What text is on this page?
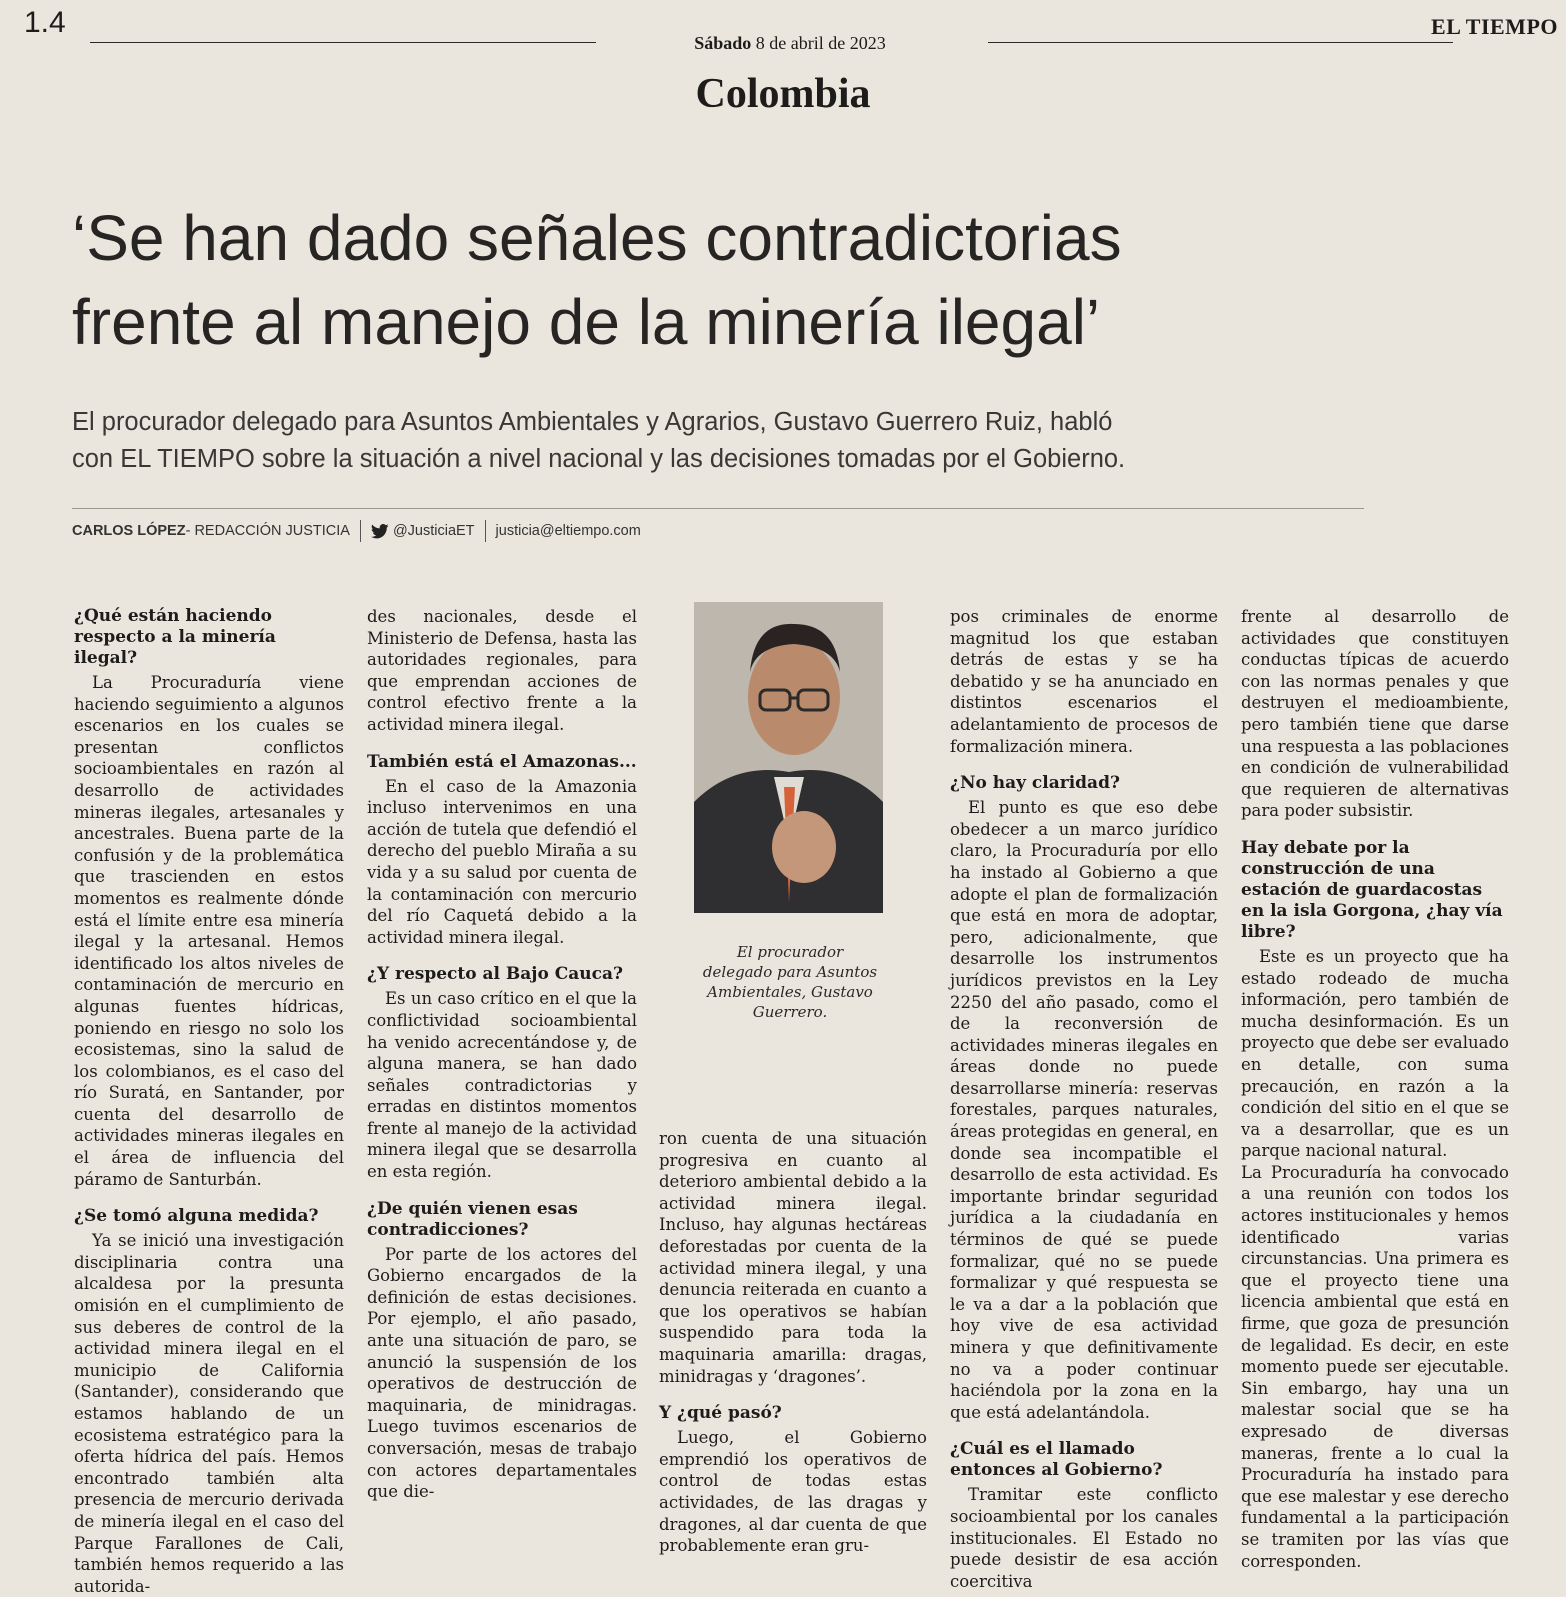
1.4
Sábado 8 de abril de 2023
EL TIEMPO
Colombia
‘Se han dado señales contradictorias
frente al manejo de la minería ilegal’
El procurador delegado para Asuntos Ambientales y Agrarios, Gustavo Guerrero Ruiz, habló
con EL TIEMPO sobre la situación a nivel nacional y las decisiones tomadas por el Gobierno.
CARLOS LÓPEZ - REDACCIÓN JUSTICIA	@JusticiaET justicia@eltiempo.com
¿Qué están haciendo respecto a la minería ilegal?

La Procuraduría viene haciendo seguimiento a algunos escenarios en los cuales se presentan conflictos socioambientales en razón al desarrollo de actividades mineras ilegales, artesanales y ancestrales. Buena parte de la confusión y de la problemática que trascienden en estos momentos es realmente dónde está el límite entre esa minería ilegal y la artesanal. Hemos identificado los altos niveles de contaminación de mercurio en algunas fuentes hídricas, poniendo en riesgo no solo los ecosistemas, sino la salud de los colombianos, es el caso del río Suratá, en Santander, por cuenta del desarrollo de actividades mineras ilegales en el área de influencia del páramo de Santurbán.

¿Se tomó alguna medida?

Ya se inició una investigación disciplinaria contra una alcaldesa por la presunta omisión en el cumplimiento de sus deberes de control de la actividad minera ilegal en el municipio de California (Santander), considerando que estamos hablando de un ecosistema estratégico para la oferta hídrica del país. Hemos encontrado también alta presencia de mercurio derivada de minería ilegal en el caso del Parque Farallones de Cali, también hemos requerido a las autorida-

des nacionales, desde el Ministerio de Defensa, hasta las autoridades regionales, para que emprendan acciones de control efectivo frente a la actividad minera ilegal.

También está el Amazonas...

En el caso de la Amazonia incluso intervenimos en una acción de tutela que defendió el derecho del pueblo Miraña a su vida y a su salud por cuenta de la contaminación con mercurio del río Caquetá debido a la actividad minera ilegal.

¿Y respecto al Bajo Cauca?

Es un caso crítico en el que la conflictividad socioambiental ha venido acrecentándose y, de alguna manera, se han dado señales contradictorias y erradas en distintos momentos frente al manejo de la actividad minera ilegal que se desarrolla en esta región.

¿De quién vienen esas contradicciones?

Por parte de los actores del Gobierno encargados de la definición de estas decisiones. Por ejemplo, el año pasado, ante una situación de paro, se anunció la suspensión de los operativos de destrucción de maquinaria, de minidragas. Luego tuvimos escenarios de conversación, mesas de trabajo con actores departamentales que die-

El procurador delegado para Asuntos Ambientales, Gustavo Guerrero.

ron cuenta de una situación progresiva en cuanto al deterioro ambiental debido a la actividad minera ilegal. Incluso, hay algunas hectáreas deforestadas por cuenta de la actividad minera ilegal, y una denuncia reiterada en cuanto a que los operativos se habían suspendido para toda la maquinaria amarilla: dragas, minidragas y ‘dragones’.

Y ¿qué pasó?

Luego, el Gobierno emprendió los operativos de control de todas estas actividades, de las dragas y dragones, al dar cuenta de que probablemente eran gru-

pos criminales de enorme magnitud los que estaban detrás de estas y se ha debatido y se ha anunciado en distintos escenarios el adelantamiento de procesos de formalización minera.

¿No hay claridad?

El punto es que eso debe obedecer a un marco jurídico claro, la Procuraduría por ello ha instado al Gobierno a que adopte el plan de formalización que está en mora de adoptar, pero, adicionalmente, que desarrolle los instrumentos jurídicos previstos en la Ley 2250 del año pasado, como el de la reconversión de actividades mineras ilegales en áreas donde no puede desarrollarse minería: reservas forestales, parques naturales, áreas protegidas en general, en donde sea incompatible el desarrollo de esta actividad. Es importante brindar seguridad jurídica a la ciudadanía en términos de qué se puede formalizar, qué no se puede formalizar y qué respuesta se le va a dar a la población que hoy vive de esa actividad minera y que definitivamente no va a poder continuar haciéndola por la zona en la que está adelantándola.

¿Cuál es el llamado entonces al Gobierno?

Tramitar este conflicto socioambiental por los canales institucionales. El Estado no puede desistir de esa acción coercitiva

frente al desarrollo de actividades que constituyen conductas típicas de acuerdo con las normas penales y que destruyen el medioambiente, pero también tiene que darse una respuesta a las poblaciones en condición de vulnerabilidad que requieren de alternativas para poder subsistir.

Hay debate por la construcción de una estación de guardacostas en la isla Gorgona, ¿hay vía libre?

Este es un proyecto que ha estado rodeado de mucha información, pero también de mucha desinformación. Es un proyecto que debe ser evaluado en detalle, con suma precaución, en razón a la condición del sitio en el que se va a desarrollar, que es un parque nacional natural.

La Procuraduría ha convocado a una reunión con todos los actores institucionales y hemos identificado varias circunstancias. Una primera es que el proyecto tiene una licencia ambiental que está en firme, que goza de presunción de legalidad. Es decir, en este momento puede ser ejecutable. Sin embargo, hay una un malestar social que se ha expresado de diversas maneras, frente a lo cual la Procuraduría ha instado para que ese malestar y ese derecho fundamental a la participación se tramiten por las vías que corresponden.
